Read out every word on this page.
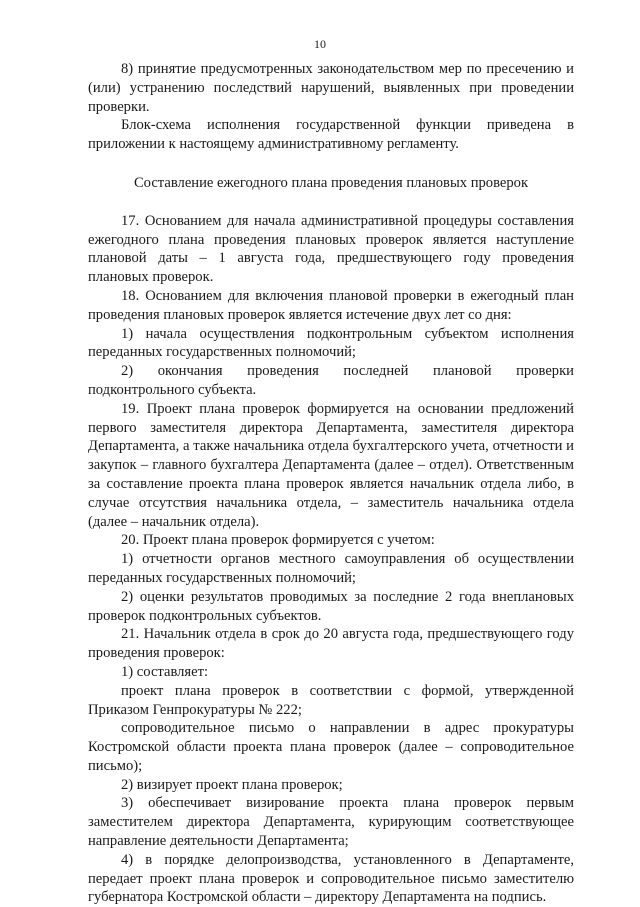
10

8) принятие предусмотренных законодательством мер по пресечению и (или) устранению последствий нарушений, выявленных при проведении проверки.

Блок-схема исполнения государственной функции приведена в приложении к настоящему административному регламенту.

Составление ежегодного плана проведения плановых проверок

17. Основанием для начала административной процедуры составления ежегодного плана проведения плановых проверок является наступление плановой даты – 1 августа года, предшествующего году проведения плановых проверок.

18. Основанием для включения плановой проверки в ежегодный план проведения плановых проверок является истечение двух лет со дня:

1) начала осуществления подконтрольным субъектом исполнения переданных государственных полномочий;

2) окончания проведения последней плановой проверки подконтрольного субъекта.

19. Проект плана проверок формируется на основании предложений первого заместителя директора Департамента, заместителя директора Департамента, а также начальника отдела бухгалтерского учета, отчетности и закупок – главного бухгалтера Департамента (далее – отдел). Ответственным за составление проекта плана проверок является начальник отдела либо, в случае отсутствия начальника отдела, – заместитель начальника отдела (далее – начальник отдела).

20. Проект плана проверок формируется с учетом:

1) отчетности органов местного самоуправления об осуществлении переданных государственных полномочий;

2) оценки результатов проводимых за последние 2 года внеплановых проверок подконтрольных субъектов.

21. Начальник отдела в срок до 20 августа года, предшествующего году проведения проверок:

1) составляет:

проект плана проверок в соответствии с формой, утвержденной Приказом Генпрокуратуры № 222;

сопроводительное письмо о направлении в адрес прокуратуры Костромской области проекта плана проверок (далее – сопроводительное письмо);

2) визирует проект плана проверок;

3) обеспечивает визирование проекта плана проверок первым заместителем директора Департамента, курирующим соответствующее направление деятельности Департамента;

4) в порядке делопроизводства, установленного в Департаменте, передает проект плана проверок и сопроводительное письмо заместителю губернатора Костромской области – директору Департамента на подпись.
